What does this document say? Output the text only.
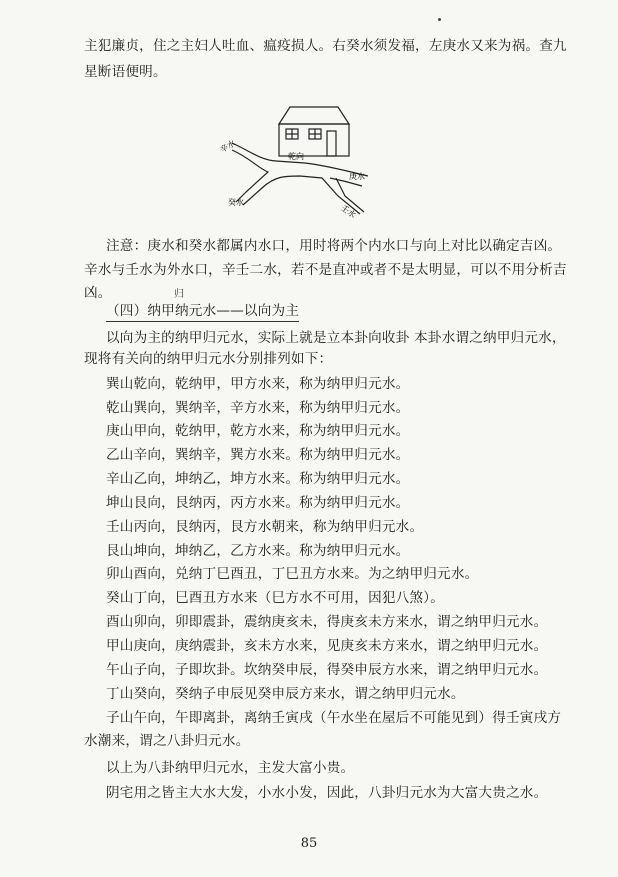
主犯廉贞，住之主妇人吐血、瘟疫损人。右癸水须发福，左庚水又来为祸。查九
星断语便明。
辛水
乾向
庚水
癸水
壬水
注意：庚水和癸水都属内水口，用时将两个内水口与向上对比以确定吉凶。
辛水与壬水为外水口，辛壬二水，若不是直冲或者不是太明显，可以不用分析吉
凶。	归
（四）纳甲纳元水——以向为主
以向为主的纳甲归元水，实际上就是立本卦向收卦 本卦水谓之纳甲归元水，
现将有关向的纳甲归元水分别排列如下：
巽山乾向，乾纳甲，甲方水来，称为纳甲归元水。
乾山巽向，巽纳辛，辛方水来，称为纳甲归元水。
庚山甲向，乾纳甲，乾方水来，称为纳甲归元水。
乙山辛向，巽纳辛，巽方水来。称为纳甲归元水。
辛山乙向，坤纳乙，坤方水来。称为纳甲归元水。
坤山艮向，艮纳丙，丙方水来。称为纳甲归元水。
壬山丙向，艮纳丙，艮方水朝来，称为纳甲归元水。
艮山坤向，坤纳乙，乙方水来。称为纳甲归元水。
卯山酉向，兑纳丁巳酉丑，丁巳丑方水来。为之纳甲归元水。
癸山丁向，巳酉丑方水来（巳方水不可用，因犯八煞）。
酉山卯向，卯即震卦，震纳庚亥未，得庚亥未方来水，谓之纳甲归元水。
甲山庚向，庚纳震卦，亥未方水来，见庚亥未方来水，谓之纳甲归元水。
午山子向，子即坎卦。坎纳癸申辰，得癸申辰方水来，谓之纳甲归元水。
丁山癸向，癸纳子申辰见癸申辰方来水，谓之纳甲归元水。
子山午向，午即离卦，离纳壬寅戌（午水坐在屋后不可能见到）得壬寅戌方
水潮来，谓之八卦归元水。
以上为八卦纳甲归元水，主发大富小贵。
阴宅用之皆主大水大发，小水小发，因此，八卦归元水为大富大贵之水。
85
